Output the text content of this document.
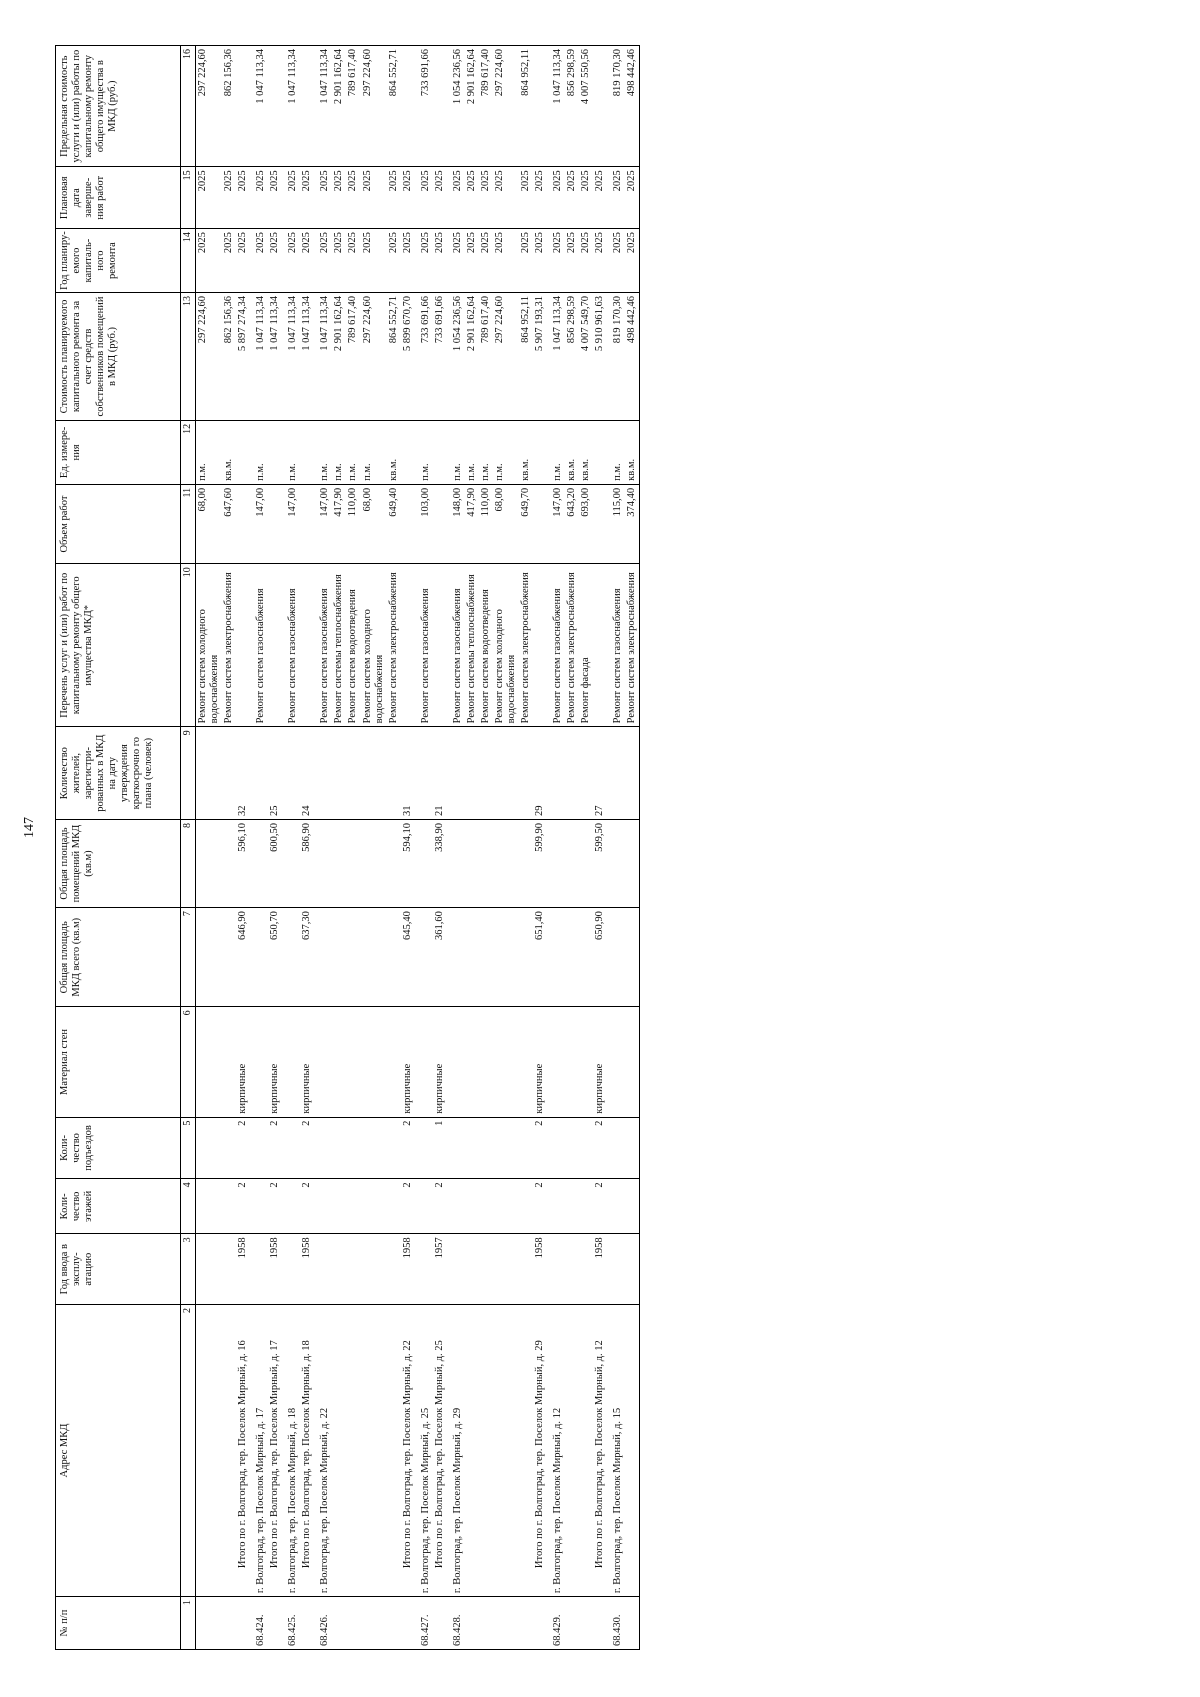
147
№ п/п	Адрес МКД	Год ввода в эксплу- атацию	Коли- чество этажей	Коли- чество подъездов	Материал стен	Общая площадь МКД всего (кв.м)	Общая площадь помещений МКД (кв.м)	Количество жителей, зарегистри- рованных в МКД на дату утверждения краткосрочно го плана (человек)	Перечень услуг и (или) работ по капитальному ремонту общего имущества МКД*	Объем работ	Ед. измере- ния	Стоимость планируемого капитального ремонта за счет средств собственников помещений в МКД (руб.)	Год планиру- емого капиталь- ного ремонта	Плановая дата заверше- ния работ	Предельная стоимость услуги и (или) работы по капитальному ремонту общего имущества в МКД (руб.)
1	2	3	4	5	6	7	8	9	10	11	12	13	14	15	16
									Ремонт систем холодного водоснабжения	68,00	п.м.	297 224,60	2025	2025	297 224,60
									Ремонт систем электроснабжения	647,60	кв.м.	862 156,36	2025	2025	862 156,36
	Итого по г. Волгоград, тер. Поселок Мирный, д. 16	1958	2	2	кирпичные	646,90	596,10	32				5 897 274,34	2025	2025	
68.424.	г. Волгоград, тер. Поселок Мирный, д. 17								Ремонт систем газоснабжения	147,00	п.м.	1 047 113,34	2025	2025	1 047 113,34
	Итого по г. Волгоград, тер. Поселок Мирный, д. 17	1958	2	2	кирпичные	650,70	600,50	25				1 047 113,34	2025	2025	
68.425.	г. Волгоград, тер. Поселок Мирный, д. 18								Ремонт систем газоснабжения	147,00	п.м.	1 047 113,34	2025	2025	1 047 113,34
	Итого по г. Волгоград, тер. Поселок Мирный, д. 18	1958	2	2	кирпичные	637,30	586,90	24				1 047 113,34	2025	2025	
68.426.	г. Волгоград, тер. Поселок Мирный, д. 22								Ремонт систем газоснабжения	147,00	п.м.	1 047 113,34	2025	2025	1 047 113,34
									Ремонт системы теплоснабжения	417,90	п.м.	2 901 162,64	2025	2025	2 901 162,64
									Ремонт систем водоотведения	110,00	п.м.	789 617,40	2025	2025	789 617,40
									Ремонт систем холодного водоснабжения	68,00	п.м.	297 224,60	2025	2025	297 224,60
									Ремонт систем электроснабжения	649,40	кв.м.	864 552,71	2025	2025	864 552,71
	Итого по г. Волгоград, тер. Поселок Мирный, д. 22	1958	2	2	кирпичные	645,40	594,10	31				5 899 670,70	2025	2025	
68.427.	г. Волгоград, тер. Поселок Мирный, д. 25								Ремонт систем газоснабжения	103,00	п.м.	733 691,66	2025	2025	733 691,66
	Итого по г. Волгоград, тер. Поселок Мирный, д. 25	1957	2	1	кирпичные	361,60	338,90	21				733 691,66	2025	2025	
68.428.	г. Волгоград, тер. Поселок Мирный, д. 29								Ремонт систем газоснабжения	148,00	п.м.	1 054 236,56	2025	2025	1 054 236,56
									Ремонт системы теплоснабжения	417,90	п.м.	2 901 162,64	2025	2025	2 901 162,64
									Ремонт систем водоотведения	110,00	п.м.	789 617,40	2025	2025	789 617,40
									Ремонт систем холодного водоснабжения	68,00	п.м.	297 224,60	2025	2025	297 224,60
									Ремонт систем электроснабжения	649,70	кв.м.	864 952,11	2025	2025	864 952,11
	Итого по г. Волгоград, тер. Поселок Мирный, д. 29	1958	2	2	кирпичные	651,40	599,90	29				5 907 193,31	2025	2025	
68.429.	г. Волгоград, тер. Поселок Мирный, д. 12								Ремонт систем газоснабжения	147,00	п.м.	1 047 113,34	2025	2025	1 047 113,34
									Ремонт систем электроснабжения	643,20	кв.м.	856 298,59	2025	2025	856 298,59
									Ремонт фасада	693,00	кв.м.	4 007 549,70	2025	2025	4 007 550,56
	Итого по г. Волгоград, тер. Поселок Мирный, д. 12	1958	2	2	кирпичные	650,90	599,50	27				5 910 961,63	2025	2025	
68.430.	г. Волгоград, тер. Поселок Мирный, д. 15								Ремонт систем газоснабжения	115,00	п.м.	819 170,30	2025	2025	819 170,30
									Ремонт систем электроснабжения	374,40	кв.м.	498 442,46	2025	2025	498 442,46
